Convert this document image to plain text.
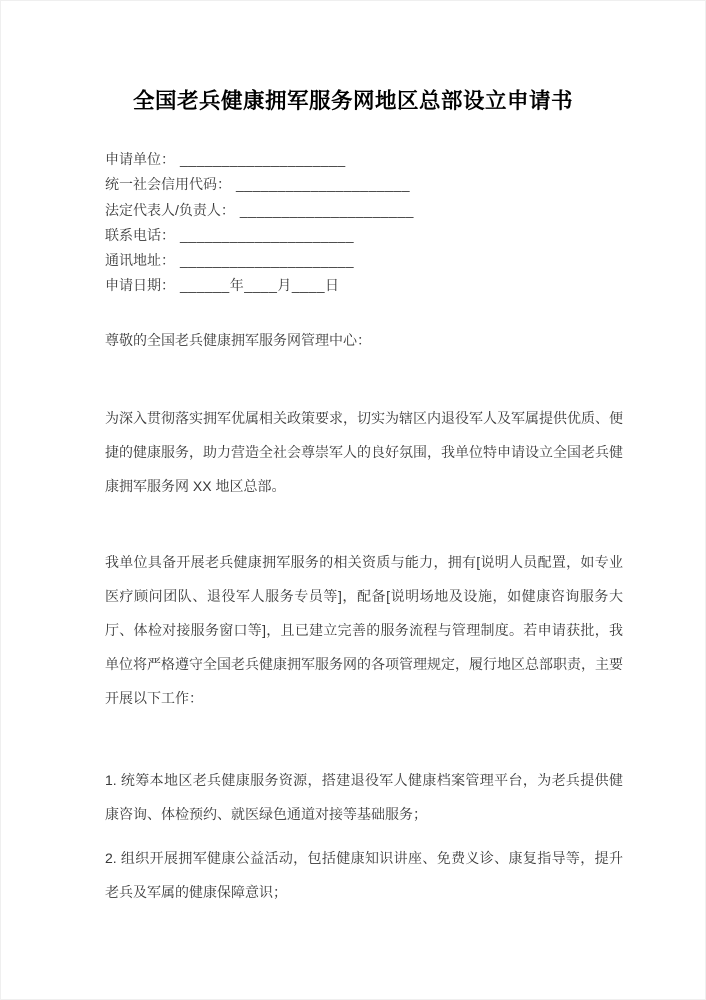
全国老兵健康拥军服务网地区总部设立申请书
申请单位： ____________________
统一社会信用代码： _____________________
法定代表人/负责人： _____________________
联系电话： _____________________
通讯地址： _____________________
申请日期： ______年____月____日

尊敬的全国老兵健康拥军服务网管理中心：

为深入贯彻落实拥军优属相关政策要求，切实为辖区内退役军人及军属提供优质、便捷的健康服务，助力营造全社会尊崇军人的良好氛围，我单位特申请设立全国老兵健康拥军服务网 XX 地区总部。

我单位具备开展老兵健康拥军服务的相关资质与能力，拥有[说明人员配置，如专业医疗顾问团队、退役军人服务专员等]，配备[说明场地及设施，如健康咨询服务大厅、体检对接服务窗口等]，且已建立完善的服务流程与管理制度。若申请获批，我单位将严格遵守全国老兵健康拥军服务网的各项管理规定，履行地区总部职责，主要开展以下工作：

1. 统筹本地区老兵健康服务资源，搭建退役军人健康档案管理平台，为老兵提供健康咨询、体检预约、就医绿色通道对接等基础服务；

2. 组织开展拥军健康公益活动，包括健康知识讲座、免费义诊、康复指导等，提升老兵及军属的健康保障意识；
